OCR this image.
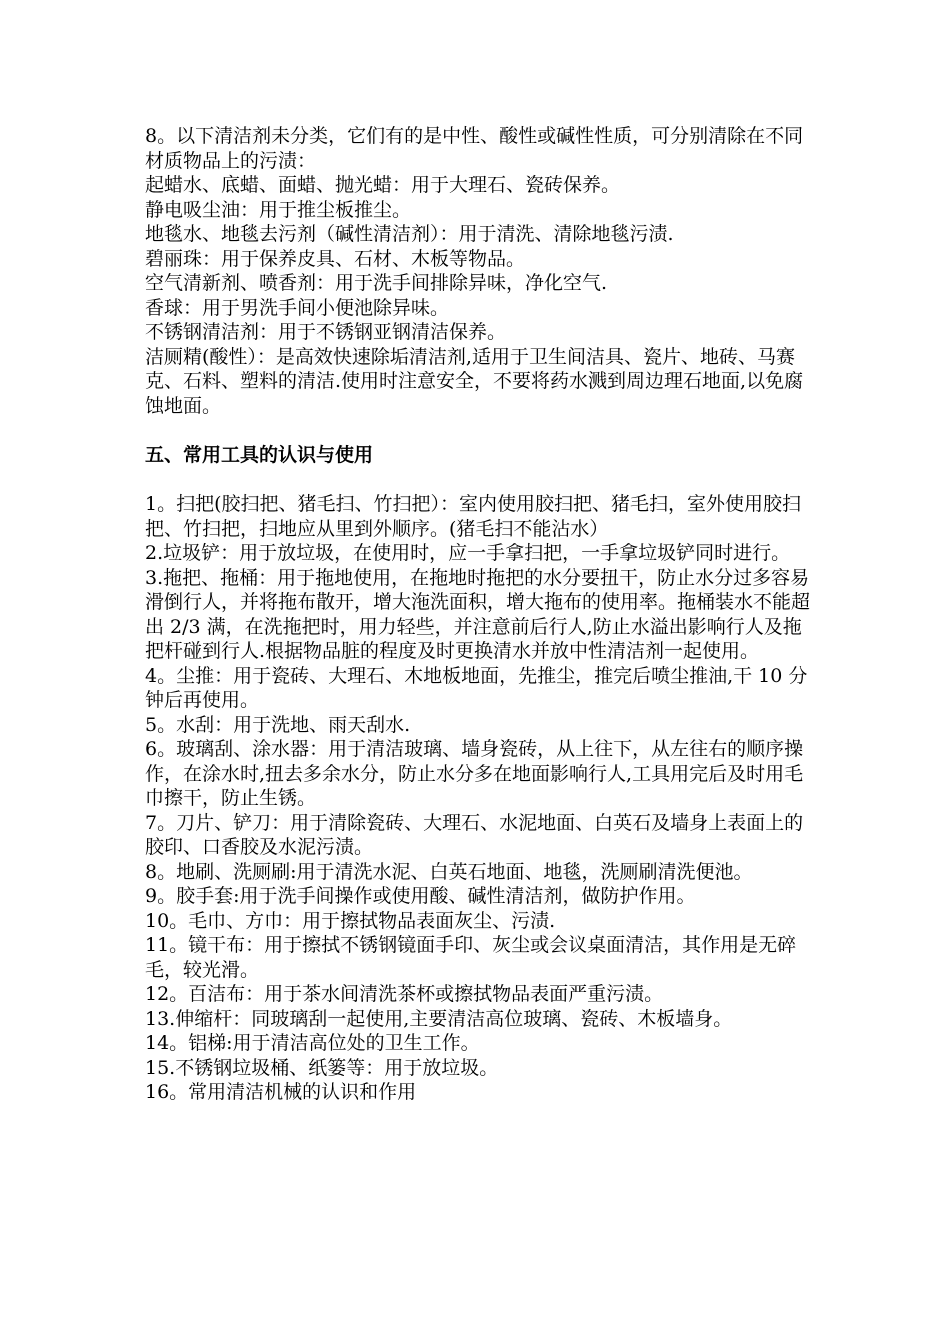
8。以下清洁剂未分类，它们有的是中性、酸性或碱性性质，可分别清除在不同材质物品上的污渍：

起蜡水、底蜡、面蜡、抛光蜡：用于大理石、瓷砖保养。

静电吸尘油：用于推尘板推尘。

地毯水、地毯去污剂（碱性清洁剂）：用于清洗、清除地毯污渍.

碧丽珠：用于保养皮具、石材、木板等物品。

空气清新剂、喷香剂：用于洗手间排除异味，净化空气.

香球：用于男洗手间小便池除异味。

不锈钢清洁剂：用于不锈钢亚钢清洁保养。

洁厕精(酸性）：是高效快速除垢清洁剂,适用于卫生间洁具、瓷片、地砖、马赛克、石料、塑料的清洁.使用时注意安全，不要将药水溅到周边理石地面,以免腐蚀地面。

五、常用工具的认识与使用

1。扫把(胶扫把、猪毛扫、竹扫把）：室内使用胶扫把、猪毛扫，室外使用胶扫把、竹扫把，扫地应从里到外顺序。(猪毛扫不能沾水）

2.垃圾铲：用于放垃圾，在使用时，应一手拿扫把，一手拿垃圾铲同时进行。

3.拖把、拖桶：用于拖地使用，在拖地时拖把的水分要扭干，防止水分过多容易滑倒行人，并将拖布散开，增大沲洗面积，增大拖布的使用率。拖桶装水不能超出 2/3 满，在洗拖把时，用力轻些，并注意前后行人,防止水溢出影响行人及拖把杆碰到行人.根据物品脏的程度及时更换清水并放中性清洁剂一起使用。

4。尘推：用于瓷砖、大理石、木地板地面，先推尘，推完后喷尘推油,干 10 分钟后再使用。

5。水刮：用于洗地、雨天刮水.

6。玻璃刮、涂水器：用于清洁玻璃、墙身瓷砖，从上往下，从左往右的顺序操作，在涂水时,扭去多余水分，防止水分多在地面影响行人,工具用完后及时用毛巾擦干，防止生锈。

7。刀片、铲刀：用于清除瓷砖、大理石、水泥地面、白英石及墙身上表面上的胶印、口香胶及水泥污渍。

8。地刷、洗厕刷:用于清洗水泥、白英石地面、地毯，洗厕刷清洗便池。

9。胶手套:用于洗手间操作或使用酸、碱性清洁剂，做防护作用。

10。毛巾、方巾：用于擦拭物品表面灰尘、污渍.

11。镜干布：用于擦拭不锈钢镜面手印、灰尘或会议桌面清洁，其作用是无碎毛，较光滑。

12。百洁布：用于茶水间清洗茶杯或擦拭物品表面严重污渍。

13.伸缩杆：同玻璃刮一起使用,主要清洁高位玻璃、瓷砖、木板墙身。

14。铝梯:用于清洁高位处的卫生工作。

15.不锈钢垃圾桶、纸篓等：用于放垃圾。

16。常用清洁机械的认识和作用
